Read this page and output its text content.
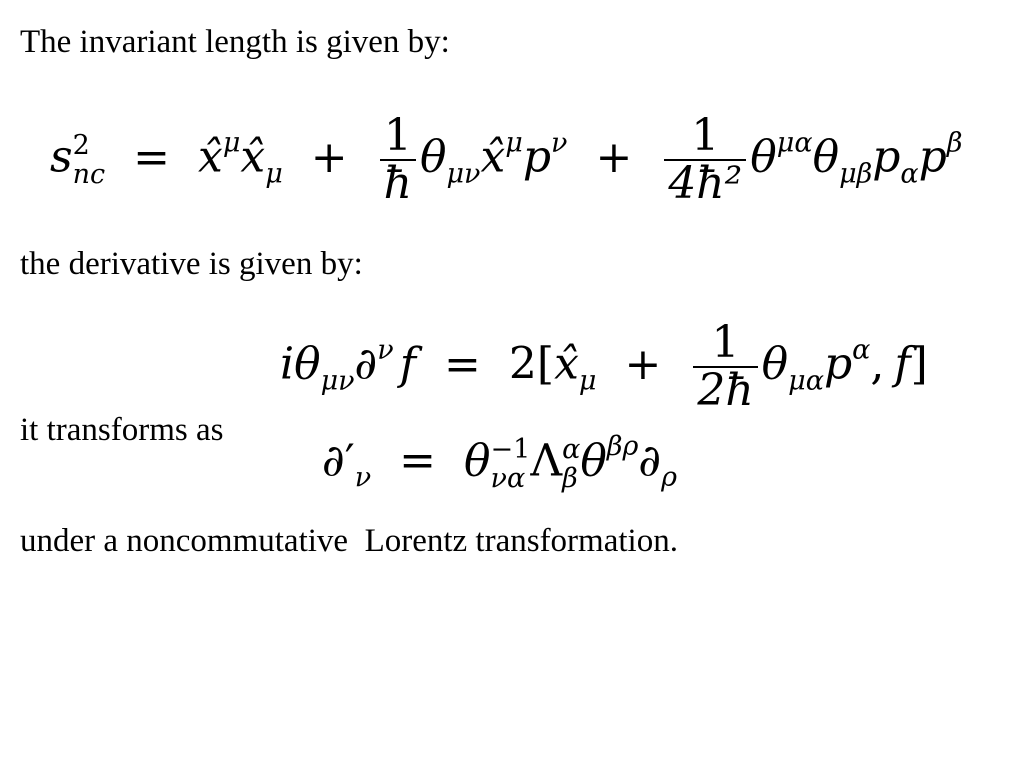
The invariant length is given by:
s 2
nc = $x̂^\mu x̂_\mu + \frac{1}{ħ}$ $\theta_{\mu\nu}x̂^\mu p^\nu + \frac{1}{\text{4ħ²}} \theta^{\mu\alpha}\theta_{\mu\beta}p_\alpha p^\beta$
the derivative is given by:
$i\theta_{\mu\nu}\partial^\nu$ $f = 2[x̂_\mu + \frac{1}{2ħ} \theta_{\mu\alpha}p^\alpha$, f]
it transforms as
$\partial'_\nu = \theta -1$
να Λ α
β $\theta^{\beta\rho}\partial_\rho$
under a noncommutative  Lorentz transformation.
